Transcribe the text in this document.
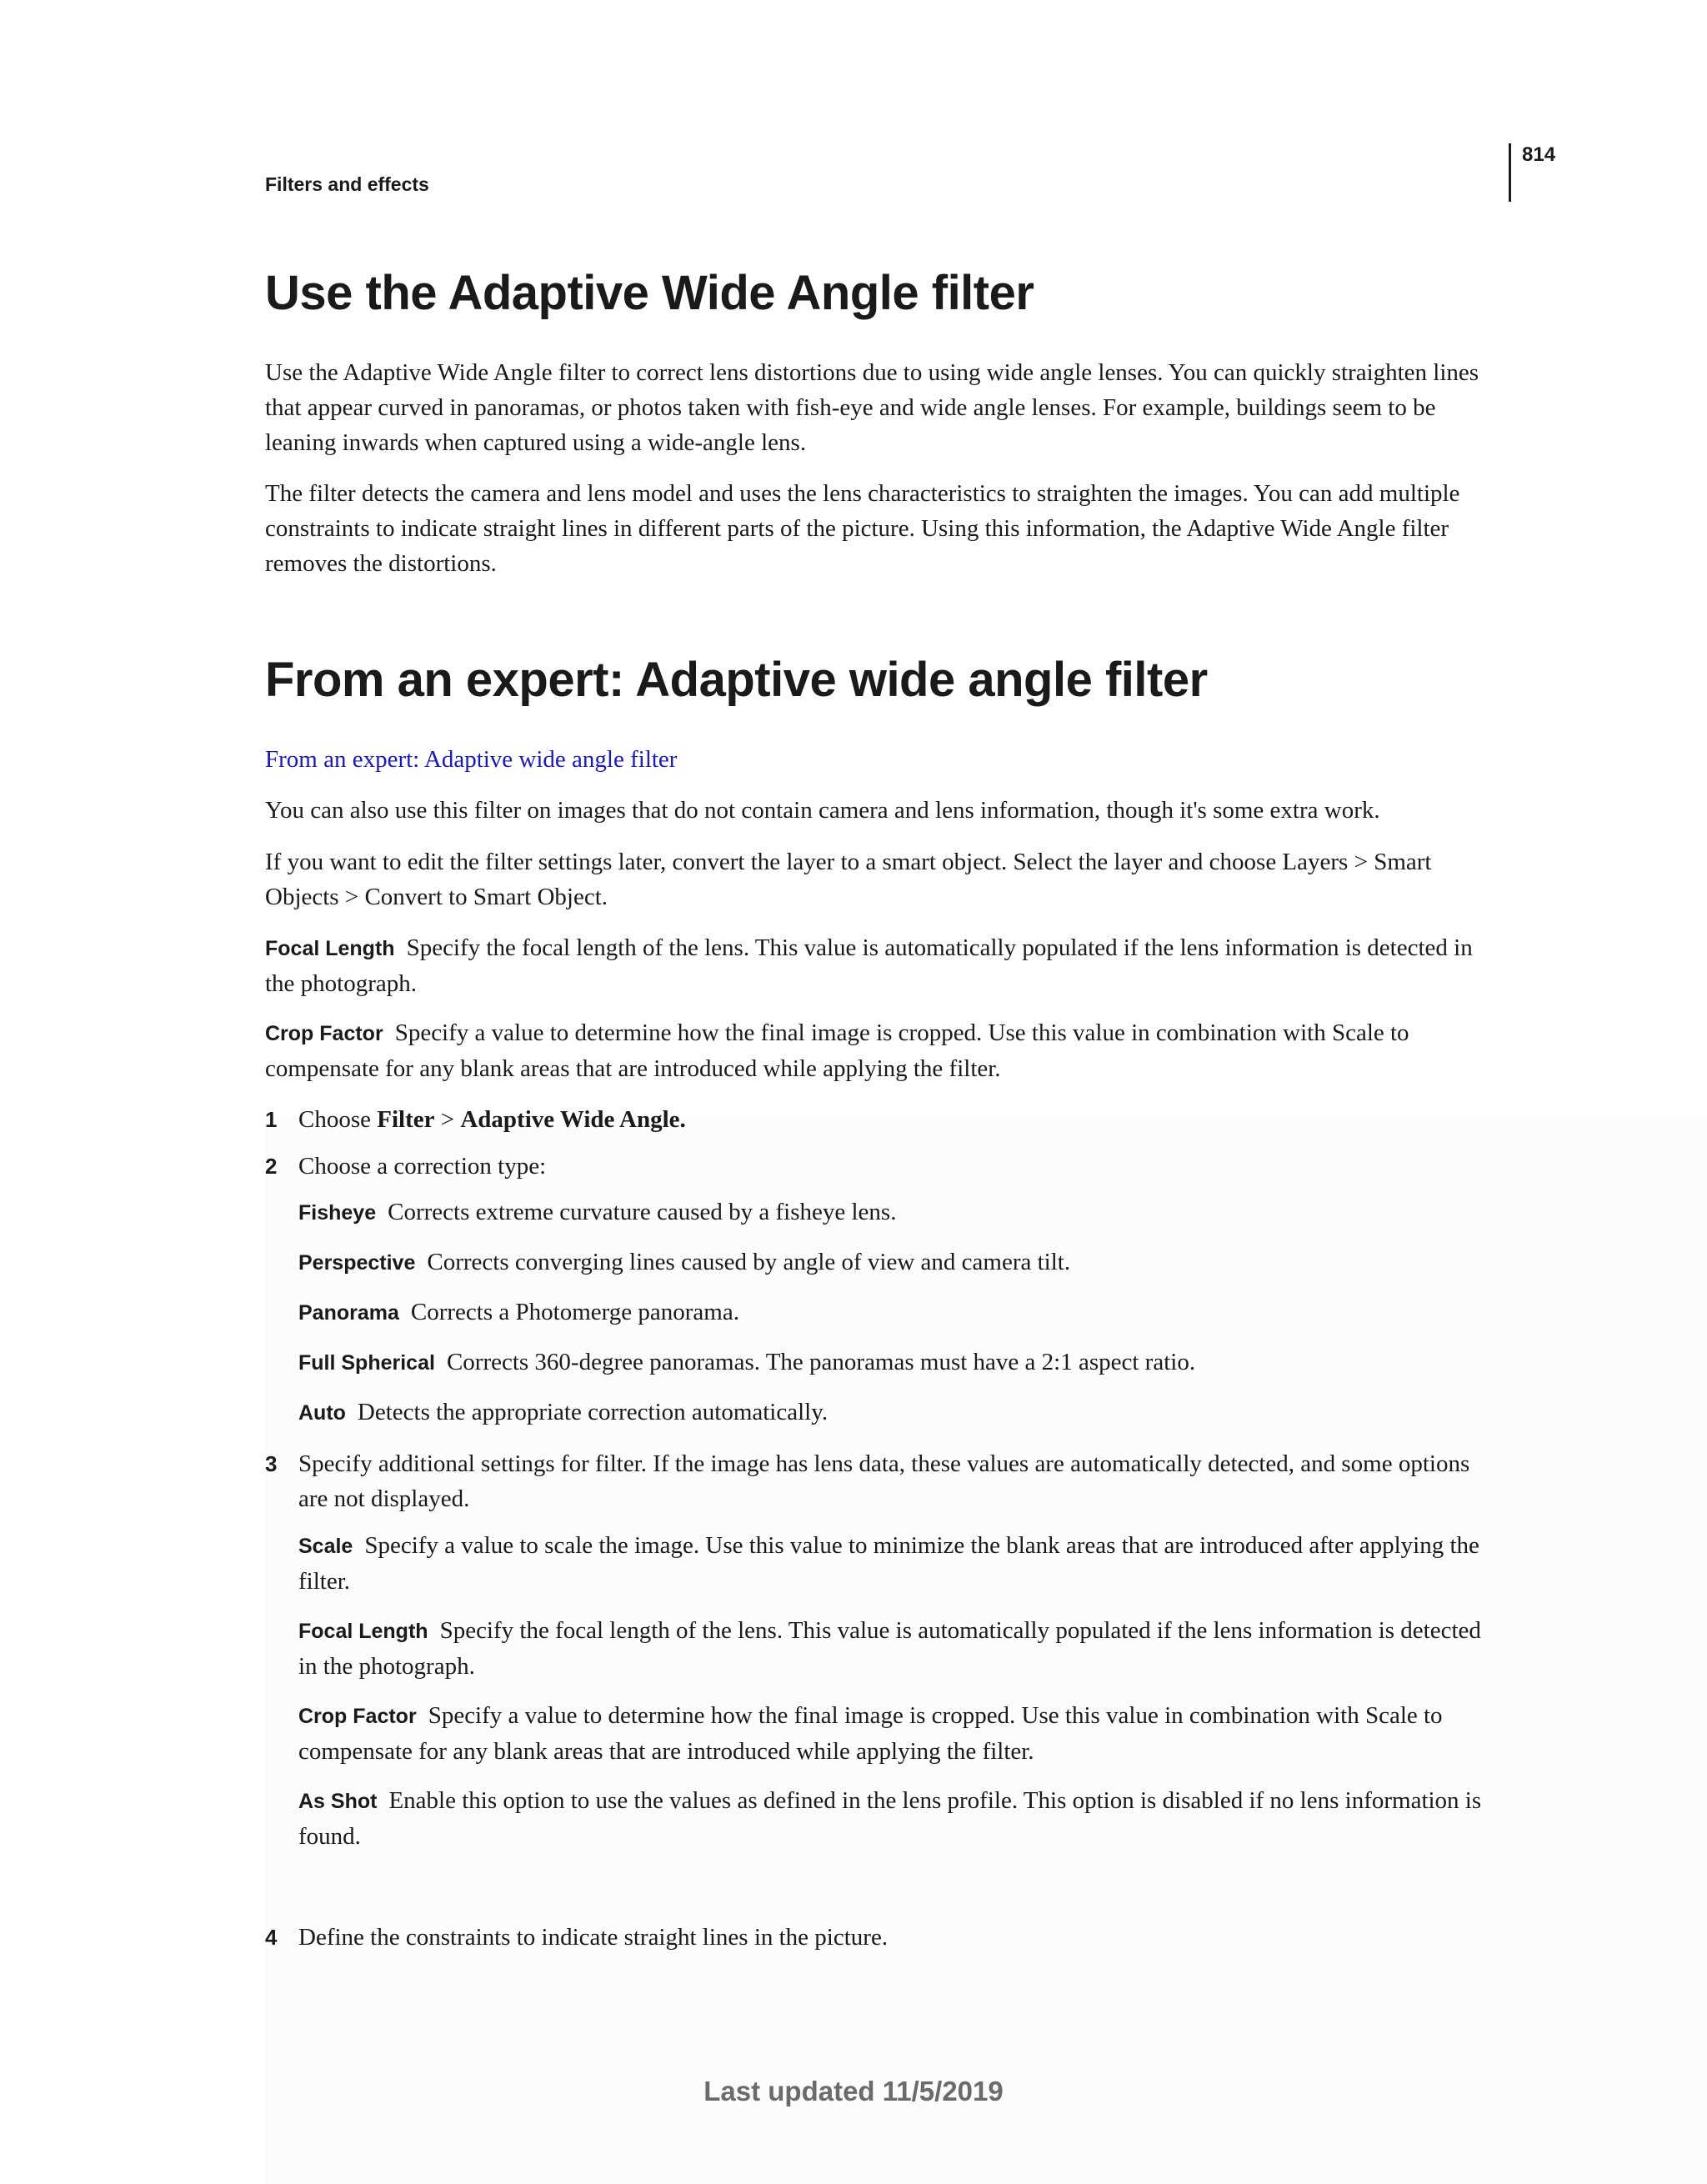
Filters and effects
814
Use the Adaptive Wide Angle filter

Use the Adaptive Wide Angle filter to correct lens distortions due to using wide angle lenses. You can quickly straighten lines that appear curved in panoramas, or photos taken with fish-eye and wide angle lenses. For example, buildings seem to be leaning inwards when captured using a wide-angle lens.

The filter detects the camera and lens model and uses the lens characteristics to straighten the images. You can add multiple constraints to indicate straight lines in different parts of the picture. Using this information, the Adaptive Wide Angle filter removes the distortions.

From an expert: Adaptive wide angle filter

From an expert: Adaptive wide angle filter

You can also use this filter on images that do not contain camera and lens information, though it's some extra work.

If you want to edit the filter settings later, convert the layer to a smart object. Select the layer and choose Layers > Smart Objects > Convert to Smart Object.

Focal Length Specify the focal length of the lens. This value is automatically populated if the lens information is detected in the photograph.

Crop Factor Specify a value to determine how the final image is cropped. Use this value in combination with Scale to compensate for any blank areas that are introduced while applying the filter.

1 Choose Filter > Adaptive Wide Angle.
2 Choose a correction type:

Fisheye Corrects extreme curvature caused by a fisheye lens.

Perspective Corrects converging lines caused by angle of view and camera tilt.

Panorama Corrects a Photomerge panorama.

Full Spherical Corrects 360-degree panoramas. The panoramas must have a 2:1 aspect ratio.

Auto Detects the appropriate correction automatically.

3 Specify additional settings for filter. If the image has lens data, these values are automatically detected, and some options are not displayed.

Scale Specify a value to scale the image. Use this value to minimize the blank areas that are introduced after applying the filter.

Focal Length Specify the focal length of the lens. This value is automatically populated if the lens information is detected in the photograph.

Crop Factor Specify a value to determine how the final image is cropped. Use this value in combination with Scale to compensate for any blank areas that are introduced while applying the filter.

As Shot Enable this option to use the values as defined in the lens profile. This option is disabled if no lens information is found.

4 Define the constraints to indicate straight lines in the picture.
Last updated 11/5/2019
